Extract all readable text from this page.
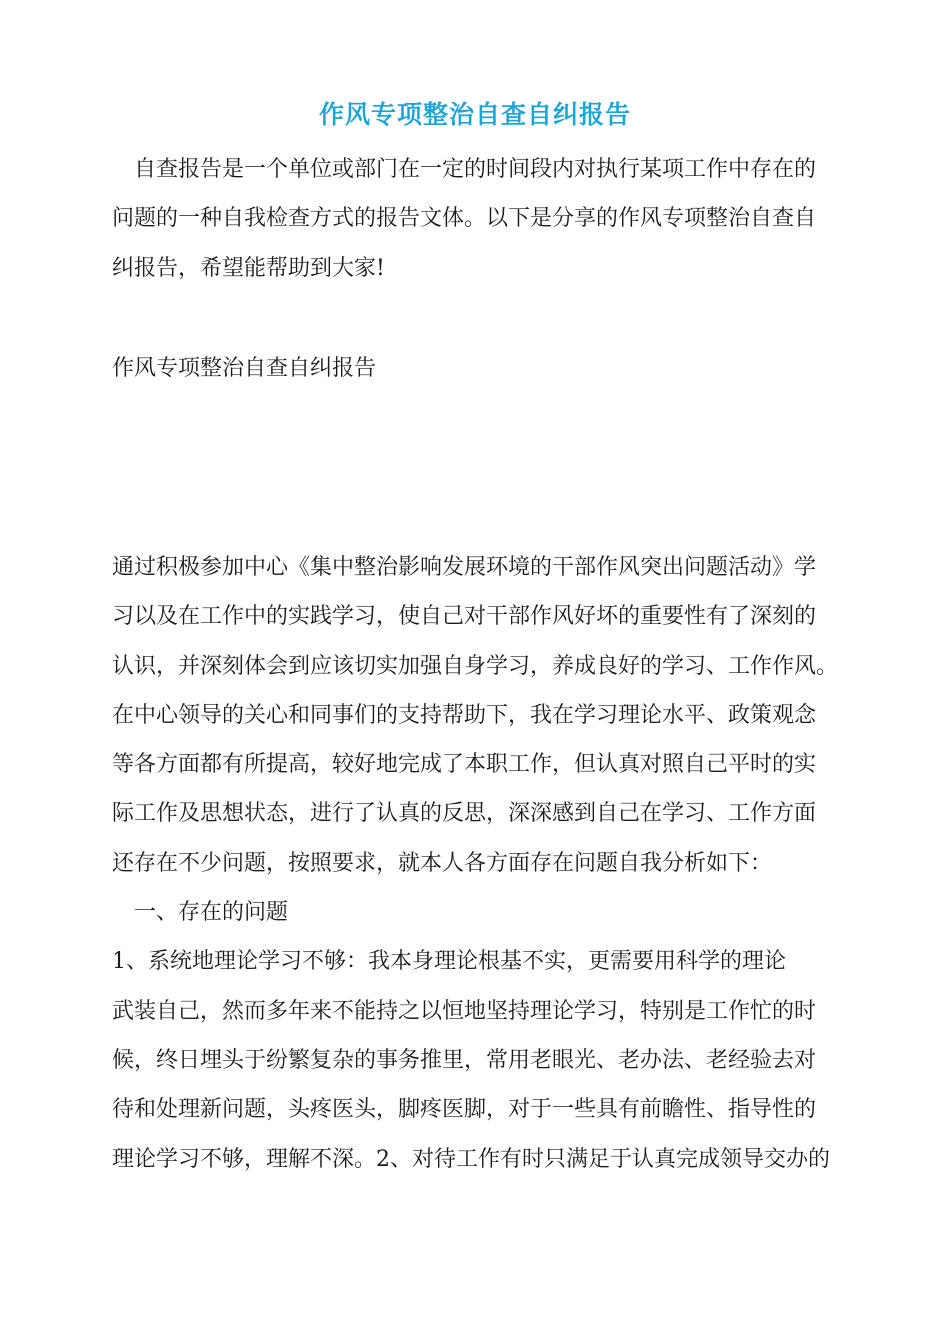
作风专项整治自查自纠报告
　自查报告是一个单位或部门在一定的时间段内对执行某项工作中存在的
问题的一种自我检查方式的报告文体。以下是分享的作风专项整治自查自
纠报告，希望能帮助到大家!
作风专项整治自查自纠报告
通过积极参加中心《集中整治影响发展环境的干部作风突出问题活动》学
习以及在工作中的实践学习，使自己对干部作风好坏的重要性有了深刻的
认识，并深刻体会到应该切实加强自身学习，养成良好的学习、工作作风。
在中心领导的关心和同事们的支持帮助下，我在学习理论水平、政策观念
等各方面都有所提高，较好地完成了本职工作，但认真对照自己平时的实
际工作及思想状态，进行了认真的反思，深深感到自己在学习、工作方面
还存在不少问题，按照要求，就本人各方面存在问题自我分析如下：
　一、存在的问题
1、系统地理论学习不够：我本身理论根基不实，更需要用科学的理论
武装自己，然而多年来不能持之以恒地坚持理论学习，特别是工作忙的时
候，终日埋头于纷繁复杂的事务推里，常用老眼光、老办法、老经验去对
待和处理新问题，头疼医头，脚疼医脚，对于一些具有前瞻性、指导性的
理论学习不够，理解不深。2、对待工作有时只满足于认真完成领导交办的
